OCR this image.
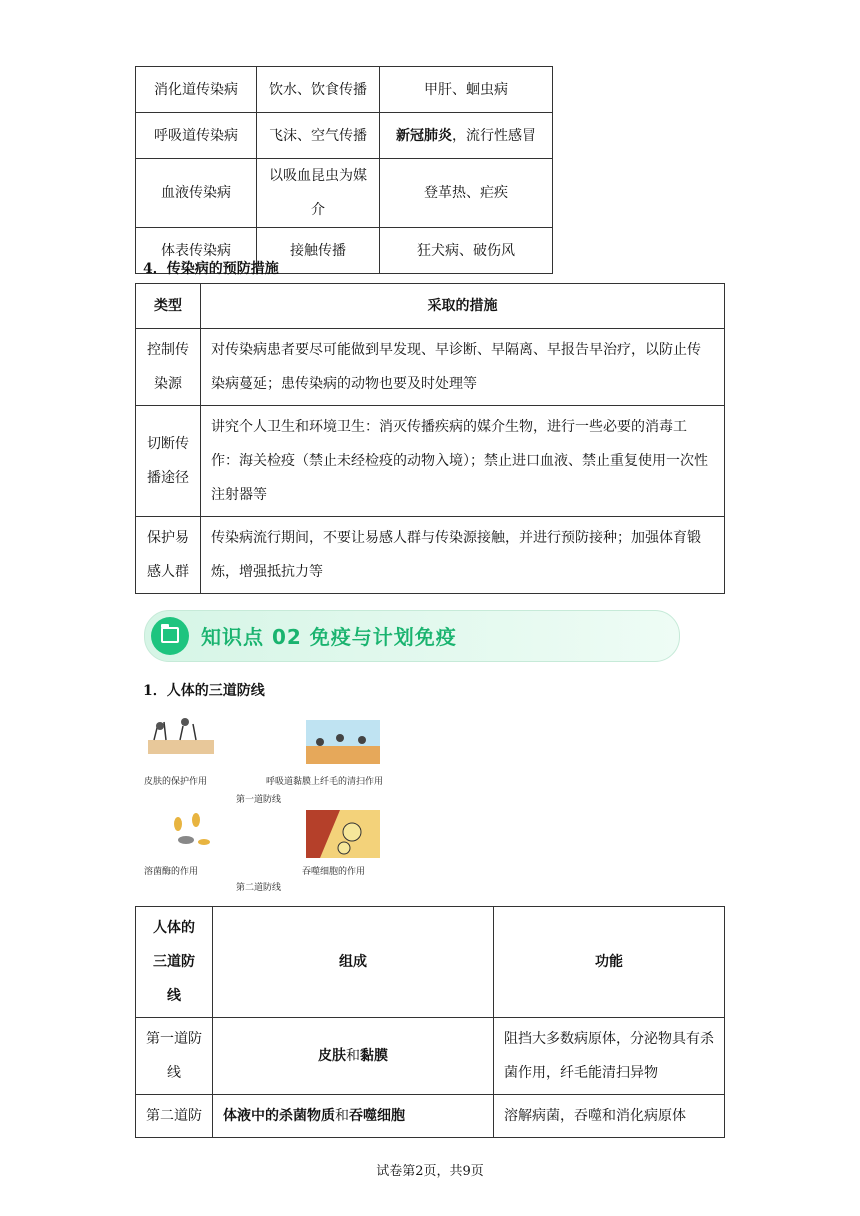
消化道传染病	饮水、饮食传播	甲肝、蛔虫病
呼吸道传染病	飞沫、空气传播	新冠肺炎，流行性感冒
血液传染病	以吸血昆虫为媒介	登革热、疟疾
体表传染病	接触传播	狂犬病、破伤风
4．传染病的预防措施
类型	采取的措施

控制传
染源	对传染病患者要尽可能做到早发现、早诊断、早隔离、早报告早治疗，以防止传染病蔓延；患传染病的动物也要及时处理等

切断传
播途径	讲究个人卫生和环境卫生：消灭传播疾病的媒介生物，进行一些必要的消毒工作：海关检疫（禁止未经检疫的动物入境）；禁止进口血液、禁止重复使用一次性注射器等

保护易
感人群	传染病流行期间，不要让易感人群与传染源接触，并进行预防接种；加强体育锻炼，增强抵抗力等
知识点 02 免疫与计划免疫
1．人体的三道防线
皮肤的保护作用	呼吸道黏膜上纤毛的清扫作用
第一道防线
溶菌酶的作用	吞噬细胞的作用
第二道防线
人体的
三道防
线	组成	功能

第一道防
线	皮肤和黏膜	阻挡大多数病原体，分泌物具有杀菌作用，纤毛能清扫异物
第二道防	体液中的杀菌物质和吞噬细胞	溶解病菌，吞噬和消化病原体
试卷第2页，共9页
